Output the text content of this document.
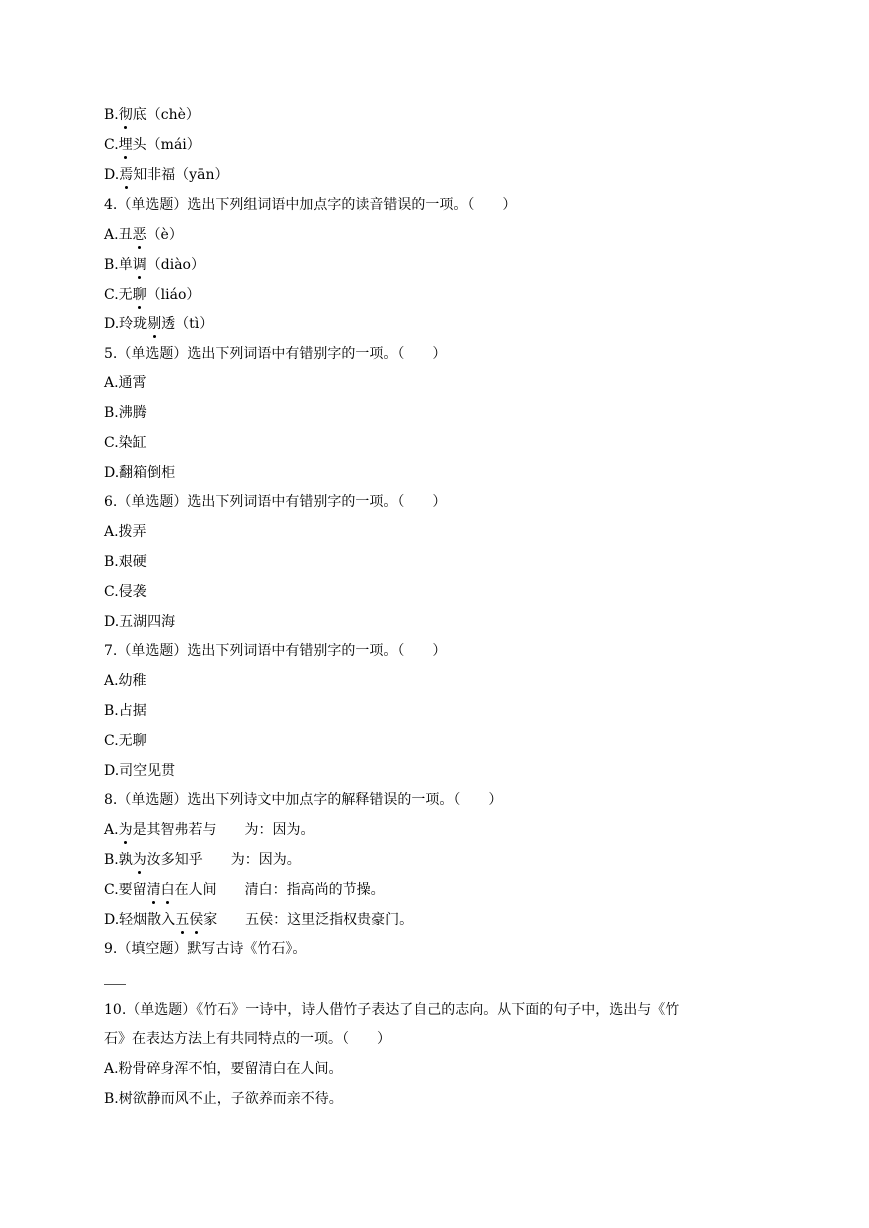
B.彻底（chè）
C.埋头（mái）
D.焉知非福（yān）
4.（单选题）选出下列组词语中加点字的读音错误的一项。（　　）
A.丑恶（è）
B.单调（diào）
C.无聊（liáo）
D.玲珑剔透（tì）
5.（单选题）选出下列词语中有错别字的一项。（　　）
A.通霄
B.沸腾
C.染缸
D.翻箱倒柜
6.（单选题）选出下列词语中有错别字的一项。（　　）
A.拨弄
B.艰硬
C.侵袭
D.五湖四海
7.（单选题）选出下列词语中有错别字的一项。（　　）
A.幼稚
B.占据
C.无聊
D.司空见贯
8.（单选题）选出下列诗文中加点字的解释错误的一项。（　　）
A.为是其智弗若与　　为：因为。
B.孰为汝多知乎　　为：因为。
C.要留清白在人间　　清白：指高尚的节操。
D.轻烟散入五侯家　　五侯：这里泛指权贵豪门。
9.（填空题）默写古诗《竹石》。
10.（单选题）《竹石》一诗中，诗人借竹子表达了自己的志向。从下面的句子中，选出与《竹
石》在表达方法上有共同特点的一项。（　　）
A.粉骨碎身浑不怕，要留清白在人间。
B.树欲静而风不止，子欲养而亲不待。
